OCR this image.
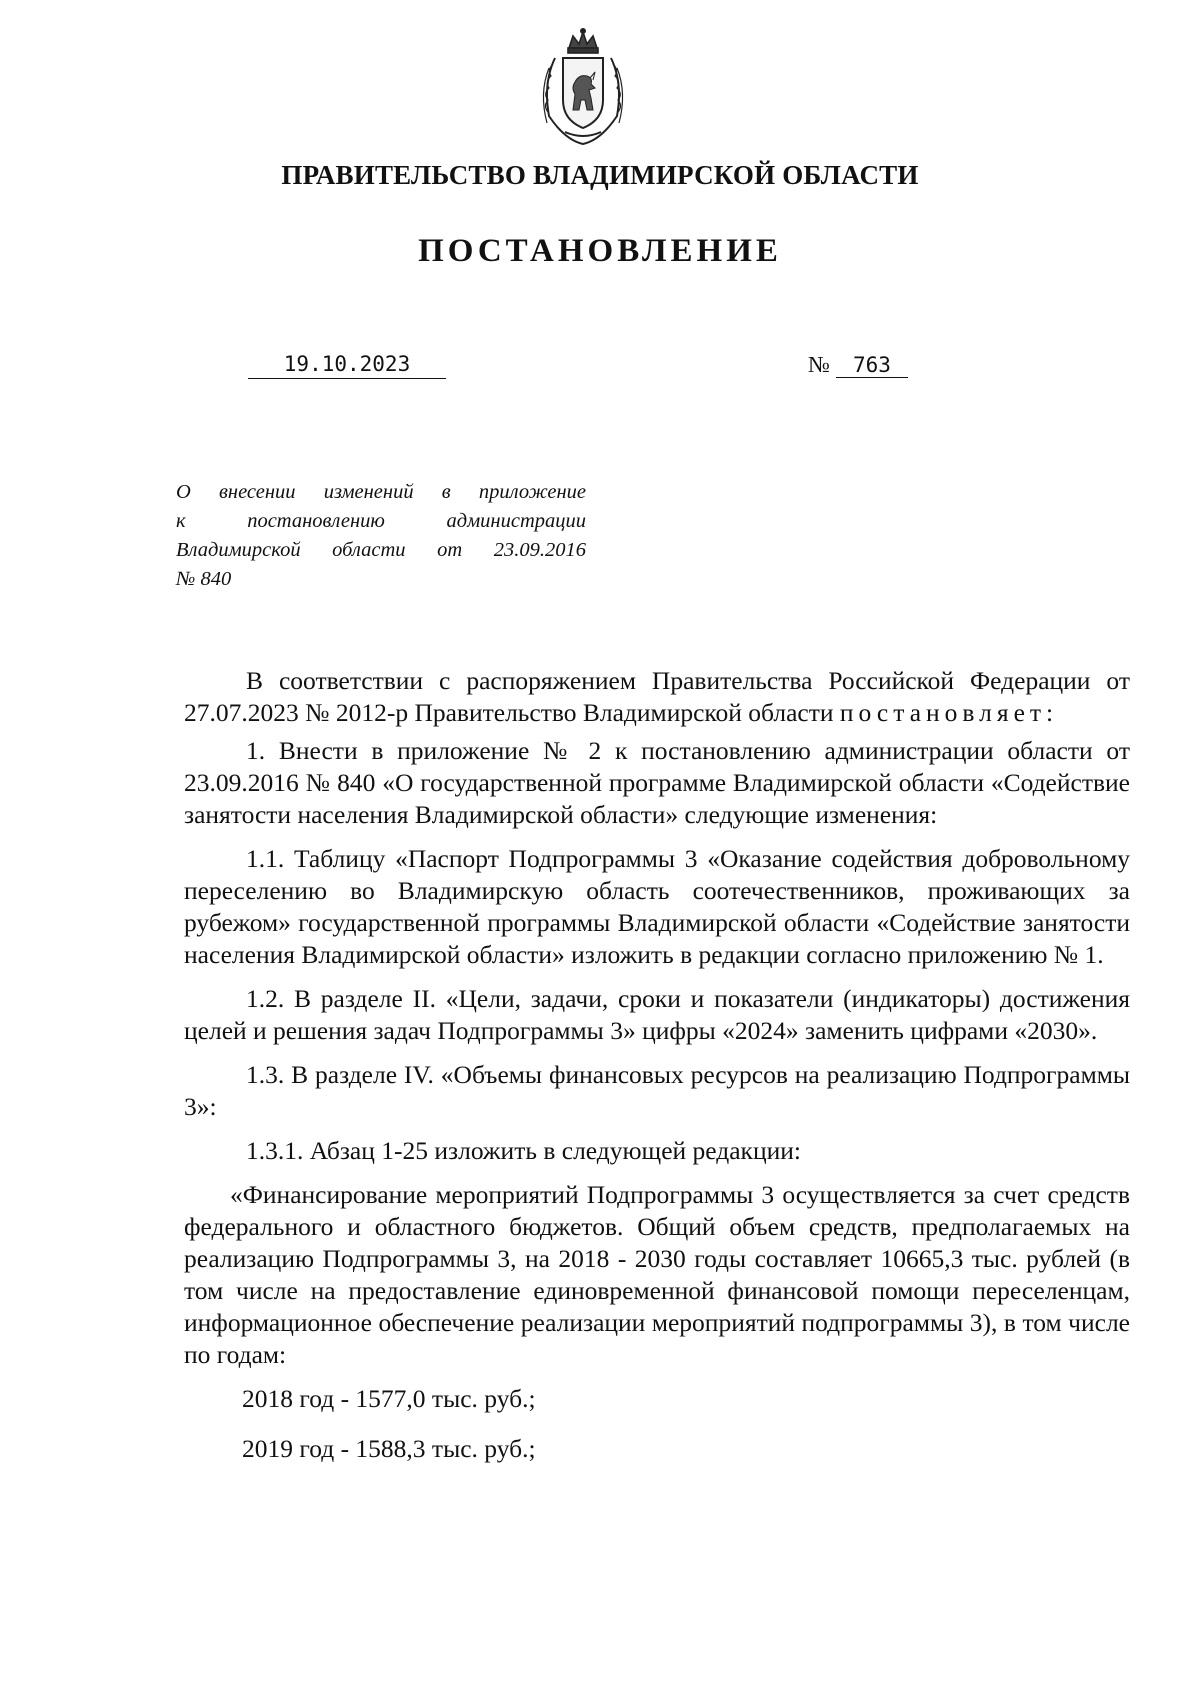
ПРАВИТЕЛЬСТВО ВЛАДИМИРСКОЙ ОБЛАСТИ
ПОСТАНОВЛЕНИЕ
19.10.2023	№ 763
О внесении изменений в приложение
к постановлению администрации
Владимирской области от 23.09.2016
№ 840

В соответствии с распоряжением Правительства Российской Федерации от 27.07.2023 № 2012-р Правительство Владимирской области постановляет:

1. Внести в приложение № 2 к постановлению администрации области от 23.09.2016 № 840 «О государственной программе Владимирской области «Содействие занятости населения Владимирской области» следующие изменения:

1.1. Таблицу «Паспорт Подпрограммы 3 «Оказание содействия добровольному переселению во Владимирскую область соотечественников, проживающих за рубежом» государственной программы Владимирской области «Содействие занятости населения Владимирской области» изложить в редакции согласно приложению № 1.

1.2. В разделе II. «Цели, задачи, сроки и показатели (индикаторы) достижения целей и решения задач Подпрограммы 3» цифры «2024» заменить цифрами «2030».

1.3. В разделе IV. «Объемы финансовых ресурсов на реализацию Подпрограммы 3»:

1.3.1. Абзац 1-25 изложить в следующей редакции:

«Финансирование мероприятий Подпрограммы 3 осуществляется за счет средств федерального и областного бюджетов. Общий объем средств, предполагаемых на реализацию Подпрограммы 3, на 2018 - 2030 годы составляет 10665,3 тыс. рублей (в том числе на предоставление единовременной финансовой помощи переселенцам, информационное обеспечение реализации мероприятий подпрограммы 3), в том числе по годам:

2018 год - 1577,0 тыс. руб.;

2019 год - 1588,3 тыс. руб.;
